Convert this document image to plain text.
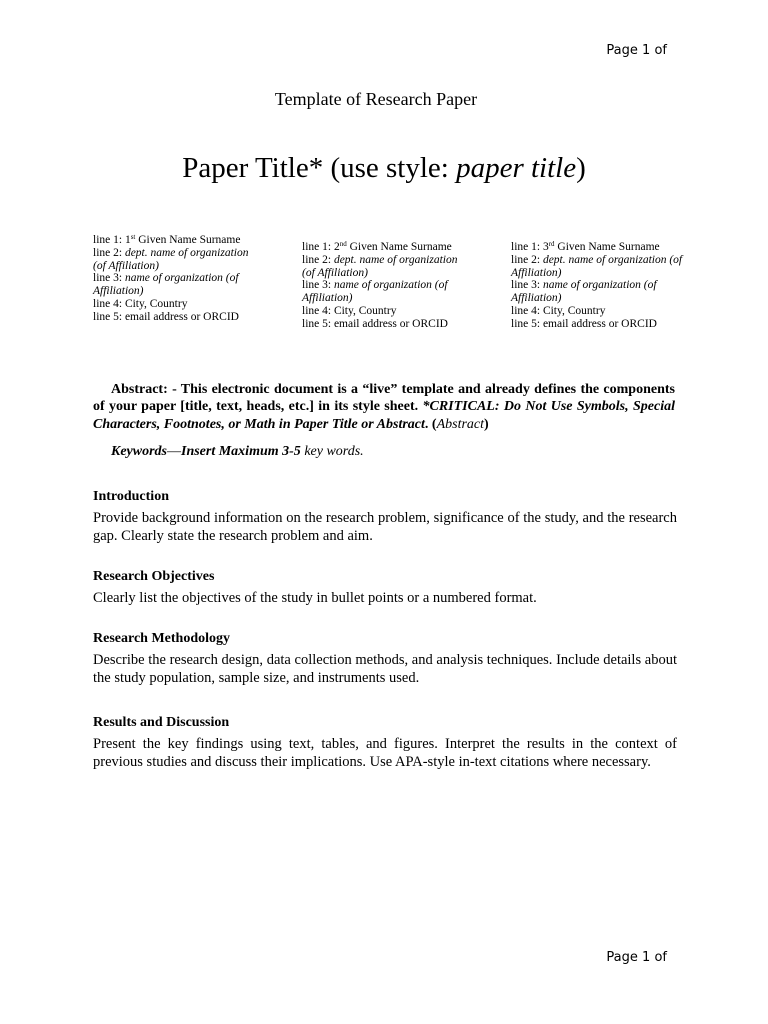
Page 1 of
Template of Research Paper
Paper Title* (use style: paper title)
line 1: 1st Given Name Surname
line 2: dept. name of organization (of Affiliation)
line 3: name of organization (of Affiliation)
line 4: City, Country
line 5: email address or ORCID
line 1: 2nd Given Name Surname
line 2: dept. name of organization (of Affiliation)
line 3: name of organization (of Affiliation)
line 4: City, Country
line 5: email address or ORCID
line 1: 3rd Given Name Surname
line 2: dept. name of organization (of Affiliation)
line 3: name of organization (of Affiliation)
line 4: City, Country
line 5: email address or ORCID
Abstract: - This electronic document is a “live” template and already defines the components of your paper [title, text, heads, etc.] in its style sheet. *CRITICAL: Do Not Use Symbols, Special Characters, Footnotes, or Math in Paper Title or Abstract. (Abstract)
Keywords—Insert Maximum 3-5 key words.
Introduction

Provide background information on the research problem, significance of the study, and the research gap. Clearly state the research problem and aim.

Research Objectives

Clearly list the objectives of the study in bullet points or a numbered format.

Research Methodology

Describe the research design, data collection methods, and analysis techniques. Include details about the study population, sample size, and instruments used.

Results and Discussion

Present the key findings using text, tables, and figures. Interpret the results in the context of previous studies and discuss their implications. Use APA-style in-text citations where necessary.

Page 1 of
